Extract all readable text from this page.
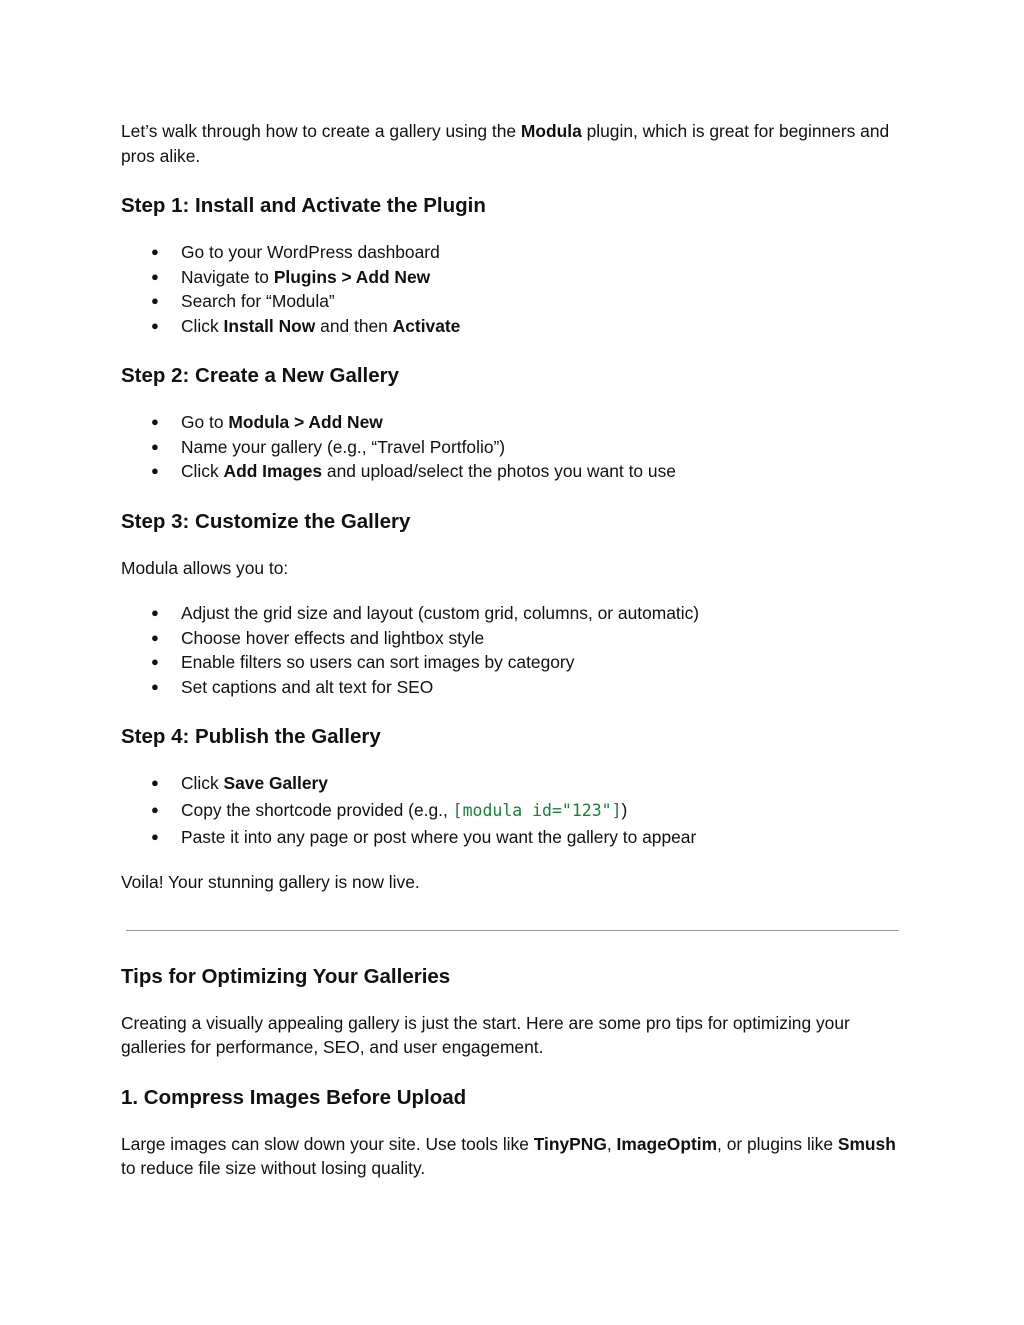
Let’s walk through how to create a gallery using the Modula plugin, which is great for beginners and pros alike.

Step 1: Install and Activate the Plugin
● Go to your WordPress dashboard
● Navigate to Plugins > Add New
● Search for “Modula”
● Click Install Now and then Activate
Step 2: Create a New Gallery
● Go to Modula > Add New
● Name your gallery (e.g., “Travel Portfolio”)
● Click Add Images and upload/select the photos you want to use
Step 3: Customize the Gallery

Modula allows you to:

● Adjust the grid size and layout (custom grid, columns, or automatic)
● Choose hover effects and lightbox style
● Enable filters so users can sort images by category
● Set captions and alt text for SEO
Step 4: Publish the Gallery
● Click Save Gallery
● Copy the shortcode provided (e.g., [modula id="123"])
● Paste it into any page or post where you want the gallery to appear

Voila! Your stunning gallery is now live.

Tips for Optimizing Your Galleries

Creating a visually appealing gallery is just the start. Here are some pro tips for optimizing your galleries for performance, SEO, and user engagement.

1. Compress Images Before Upload

Large images can slow down your site. Use tools like TinyPNG, ImageOptim, or plugins like Smush to reduce file size without losing quality.
